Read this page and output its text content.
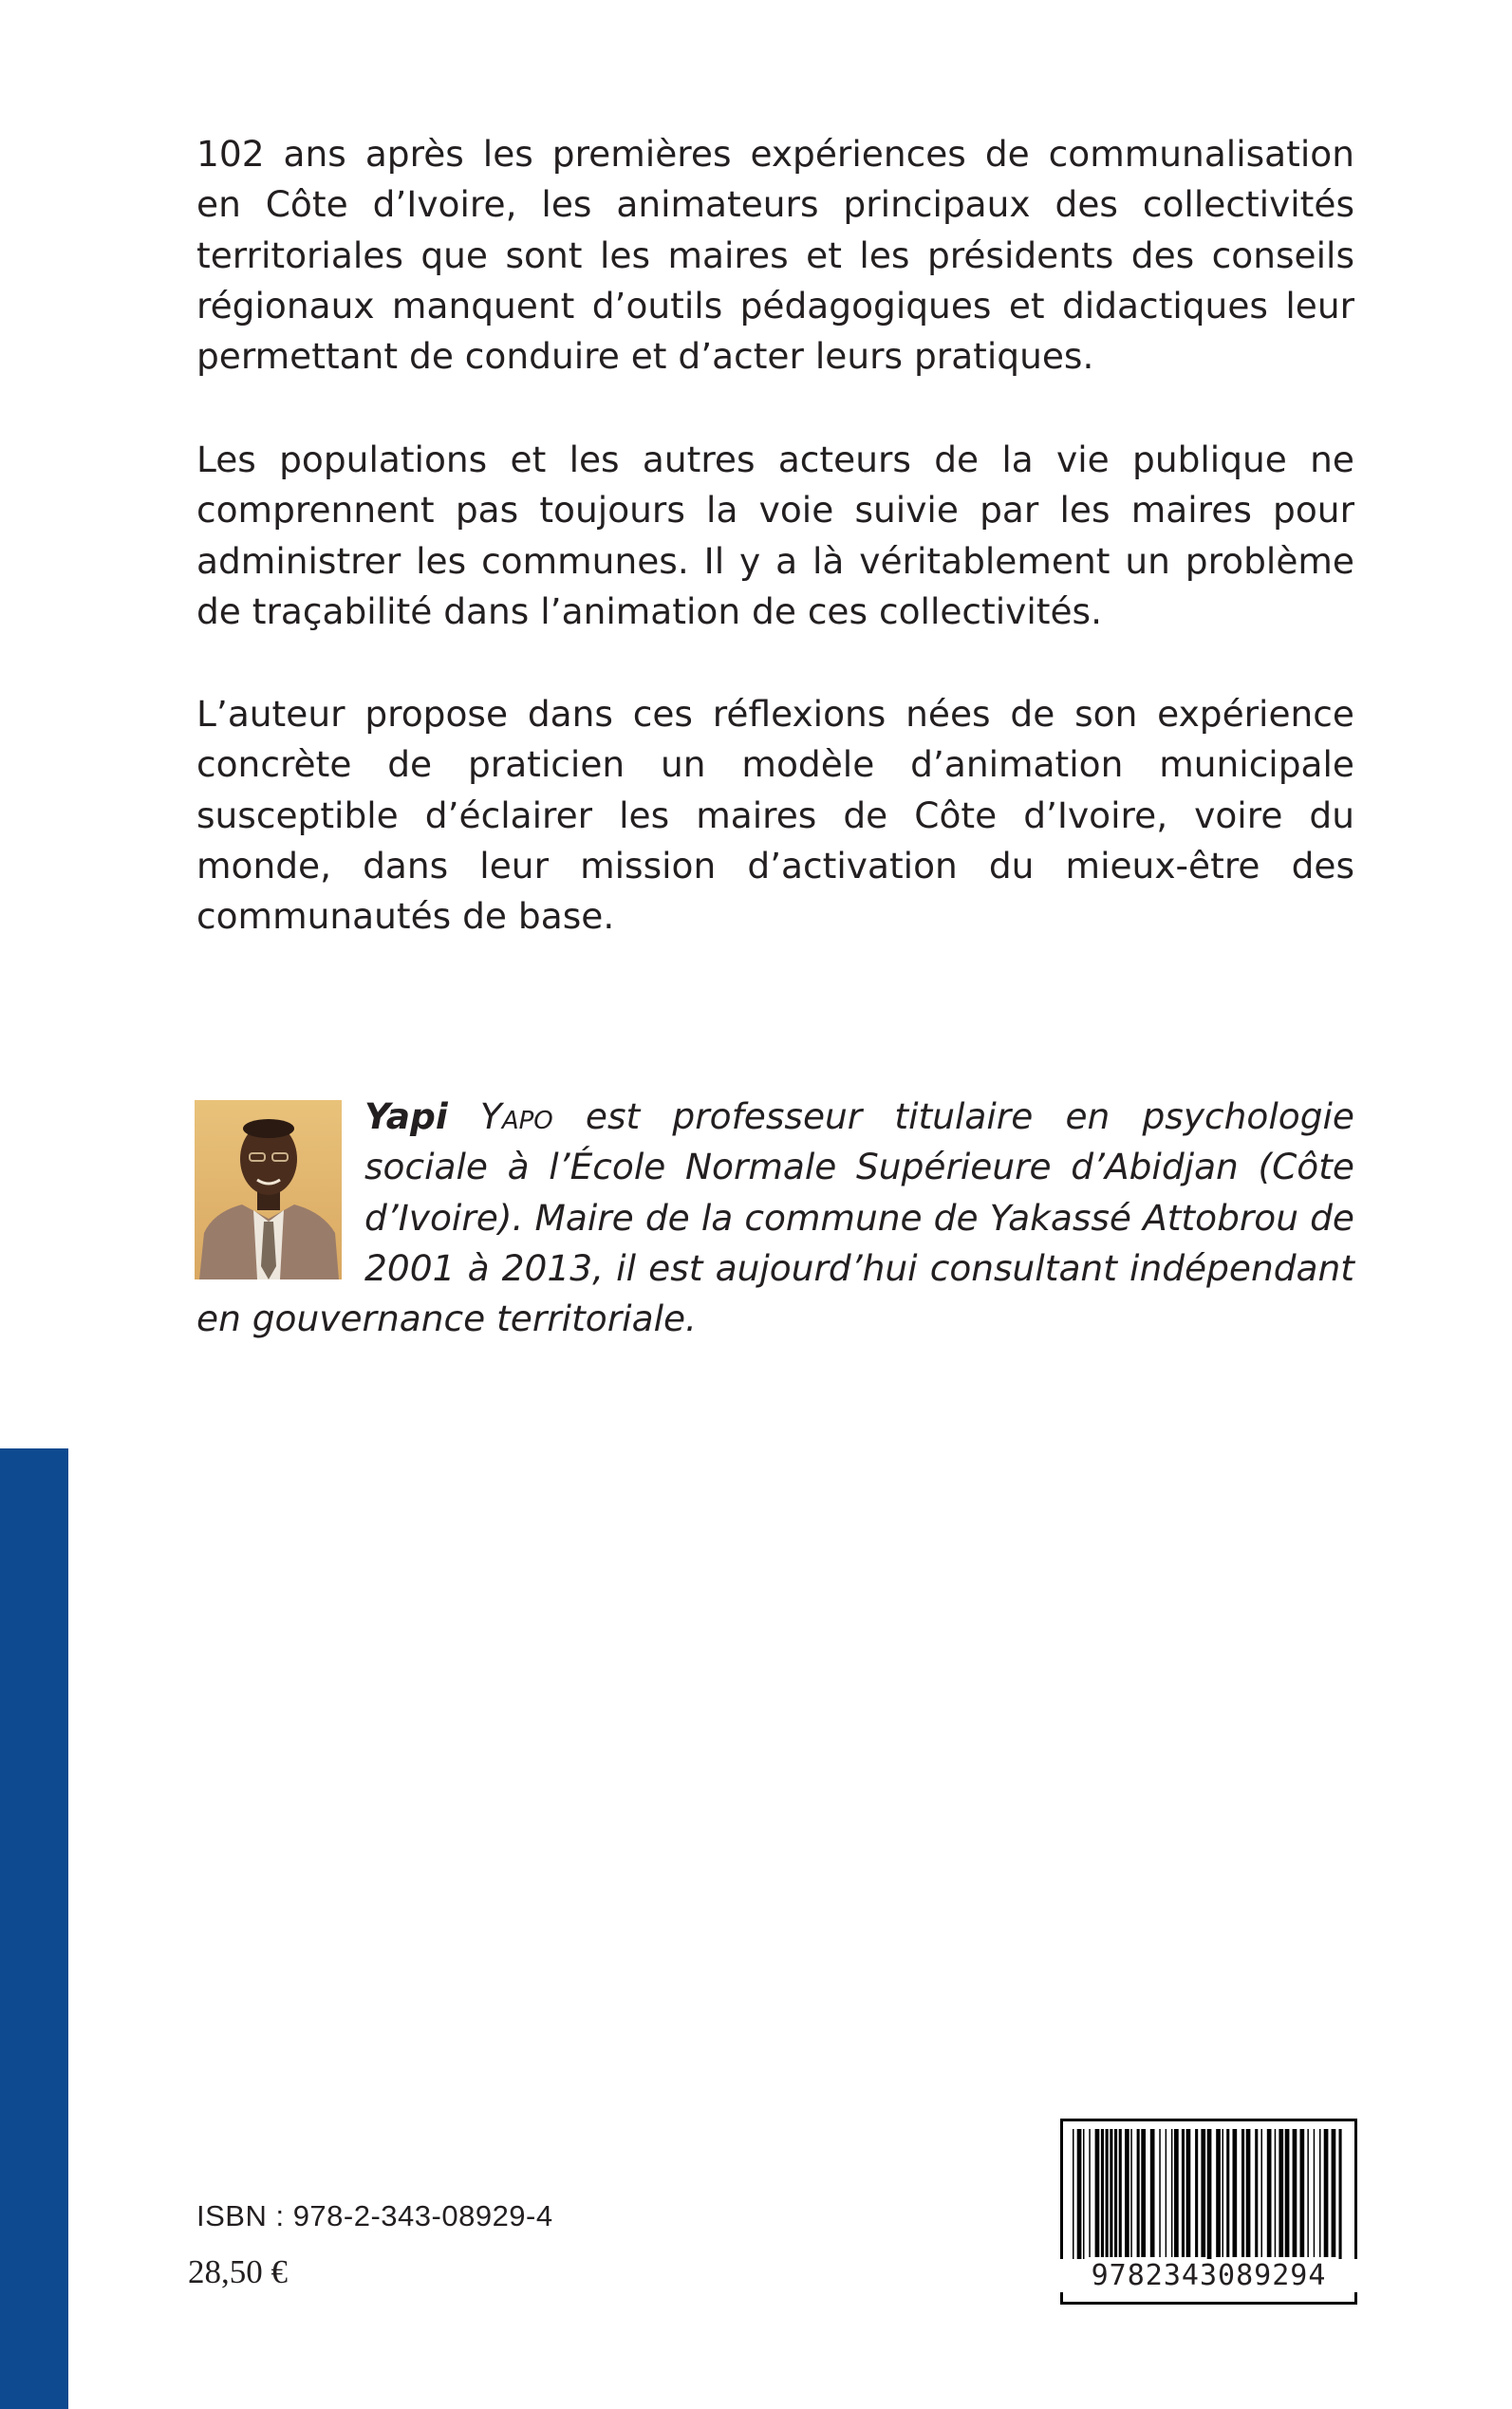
102 ans après les premières expériences de communalisation en Côte d’Ivoire, les animateurs principaux des collectivités territoriales que sont les maires et les présidents des conseils régionaux manquent d’outils pédagogiques et didactiques leur permettant de conduire et d’acter leurs pratiques.

Les populations et les autres acteurs de la vie publique ne comprennent pas toujours la voie suivie par les maires pour administrer les communes. Il y a là véritablement un problème de traçabilité dans l’animation de ces collectivités.

L’auteur propose dans ces réflexions nées de son expérience concrète de praticien un modèle d’animation municipale susceptible d’éclairer les maires de Côte d’Ivoire, voire du monde, dans leur mission d’activation du mieux-être des communautés de base.

Yapi Yapo est professeur titulaire en psychologie sociale à l’École Normale Supérieure d’Abidjan (Côte d’Ivoire). Maire de la commune de Yakassé Attobrou de 2001 à 2013, il est aujourd’hui consultant indépendant en gouvernance territoriale.

ISBN : 978-2-343-08929-4
28,50 €	9782343089294
